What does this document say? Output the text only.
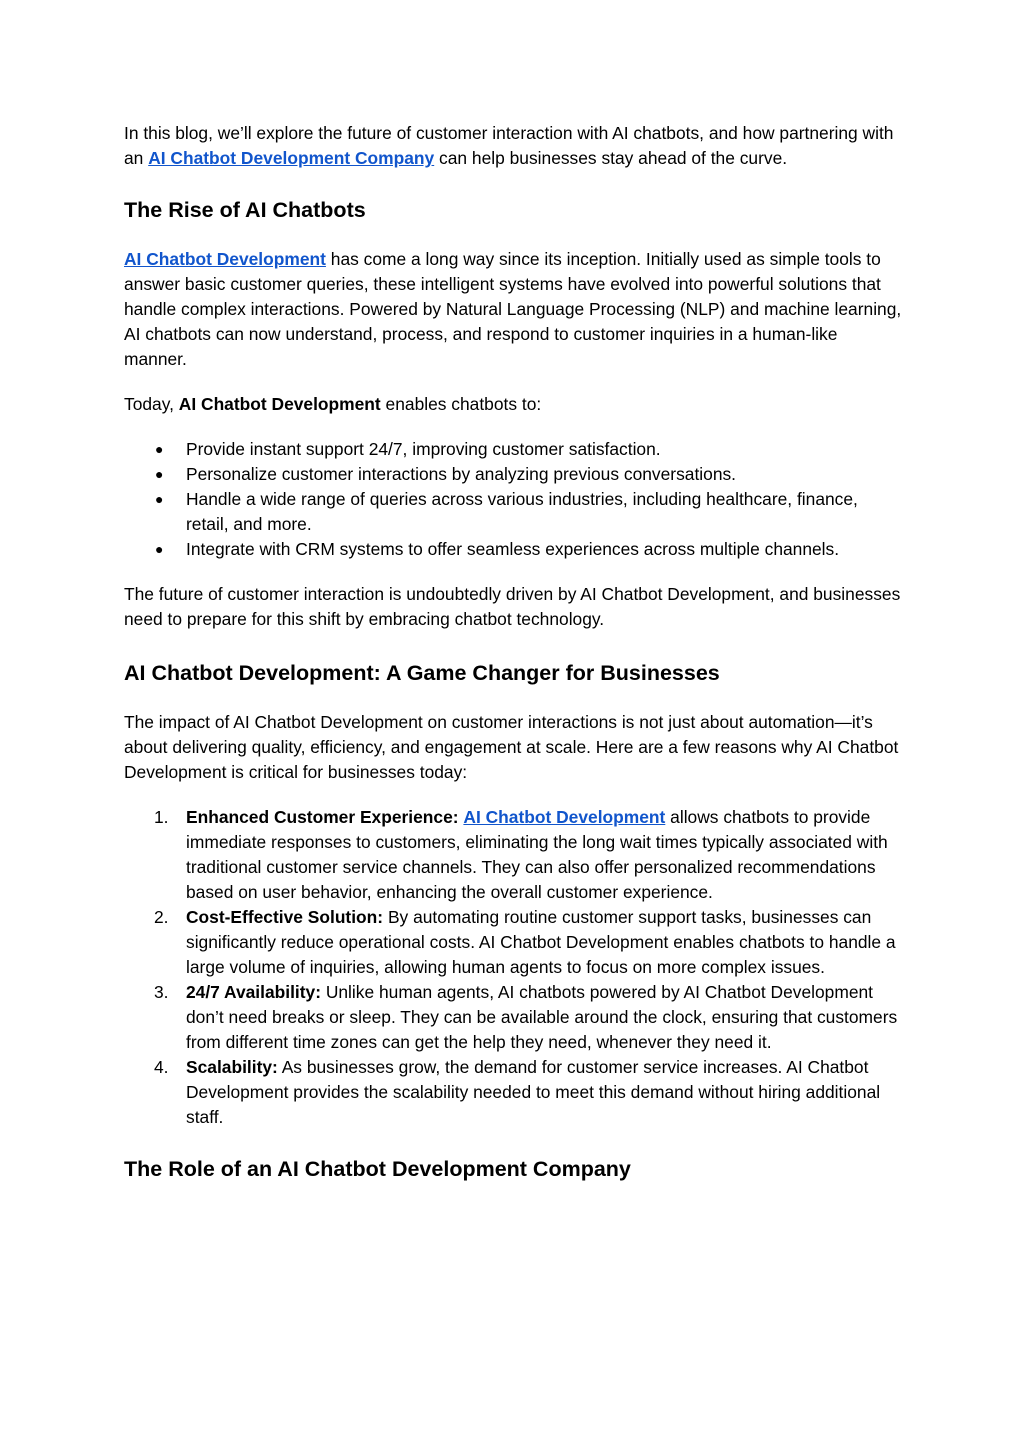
In this blog, we’ll explore the future of customer interaction with AI chatbots, and how partnering with an AI Chatbot Development Company can help businesses stay ahead of the curve.

The Rise of AI Chatbots

AI Chatbot Development has come a long way since its inception. Initially used as simple tools to answer basic customer queries, these intelligent systems have evolved into powerful solutions that handle complex interactions. Powered by Natural Language Processing (NLP) and machine learning, AI chatbots can now understand, process, and respond to customer inquiries in a human-like manner.

Today, AI Chatbot Development enables chatbots to:

● Provide instant support 24/7, improving customer satisfaction.
● Personalize customer interactions by analyzing previous conversations.
● Handle a wide range of queries across various industries, including healthcare, finance, retail, and more.
● Integrate with CRM systems to offer seamless experiences across multiple channels.

The future of customer interaction is undoubtedly driven by AI Chatbot Development, and businesses need to prepare for this shift by embracing chatbot technology.

AI Chatbot Development: A Game Changer for Businesses

The impact of AI Chatbot Development on customer interactions is not just about automation—it’s about delivering quality, efficiency, and engagement at scale. Here are a few reasons why AI Chatbot Development is critical for businesses today:

1. Enhanced Customer Experience: AI Chatbot Development allows chatbots to provide immediate responses to customers, eliminating the long wait times typically associated with traditional customer service channels. They can also offer personalized recommendations based on user behavior, enhancing the overall customer experience.
2. Cost-Effective Solution: By automating routine customer support tasks, businesses can significantly reduce operational costs. AI Chatbot Development enables chatbots to handle a large volume of inquiries, allowing human agents to focus on more complex issues.
3. 24/7 Availability: Unlike human agents, AI chatbots powered by AI Chatbot Development don’t need breaks or sleep. They can be available around the clock, ensuring that customers from different time zones can get the help they need, whenever they need it.
4. Scalability: As businesses grow, the demand for customer service increases. AI Chatbot Development provides the scalability needed to meet this demand without hiring additional staff.
The Role of an AI Chatbot Development Company
